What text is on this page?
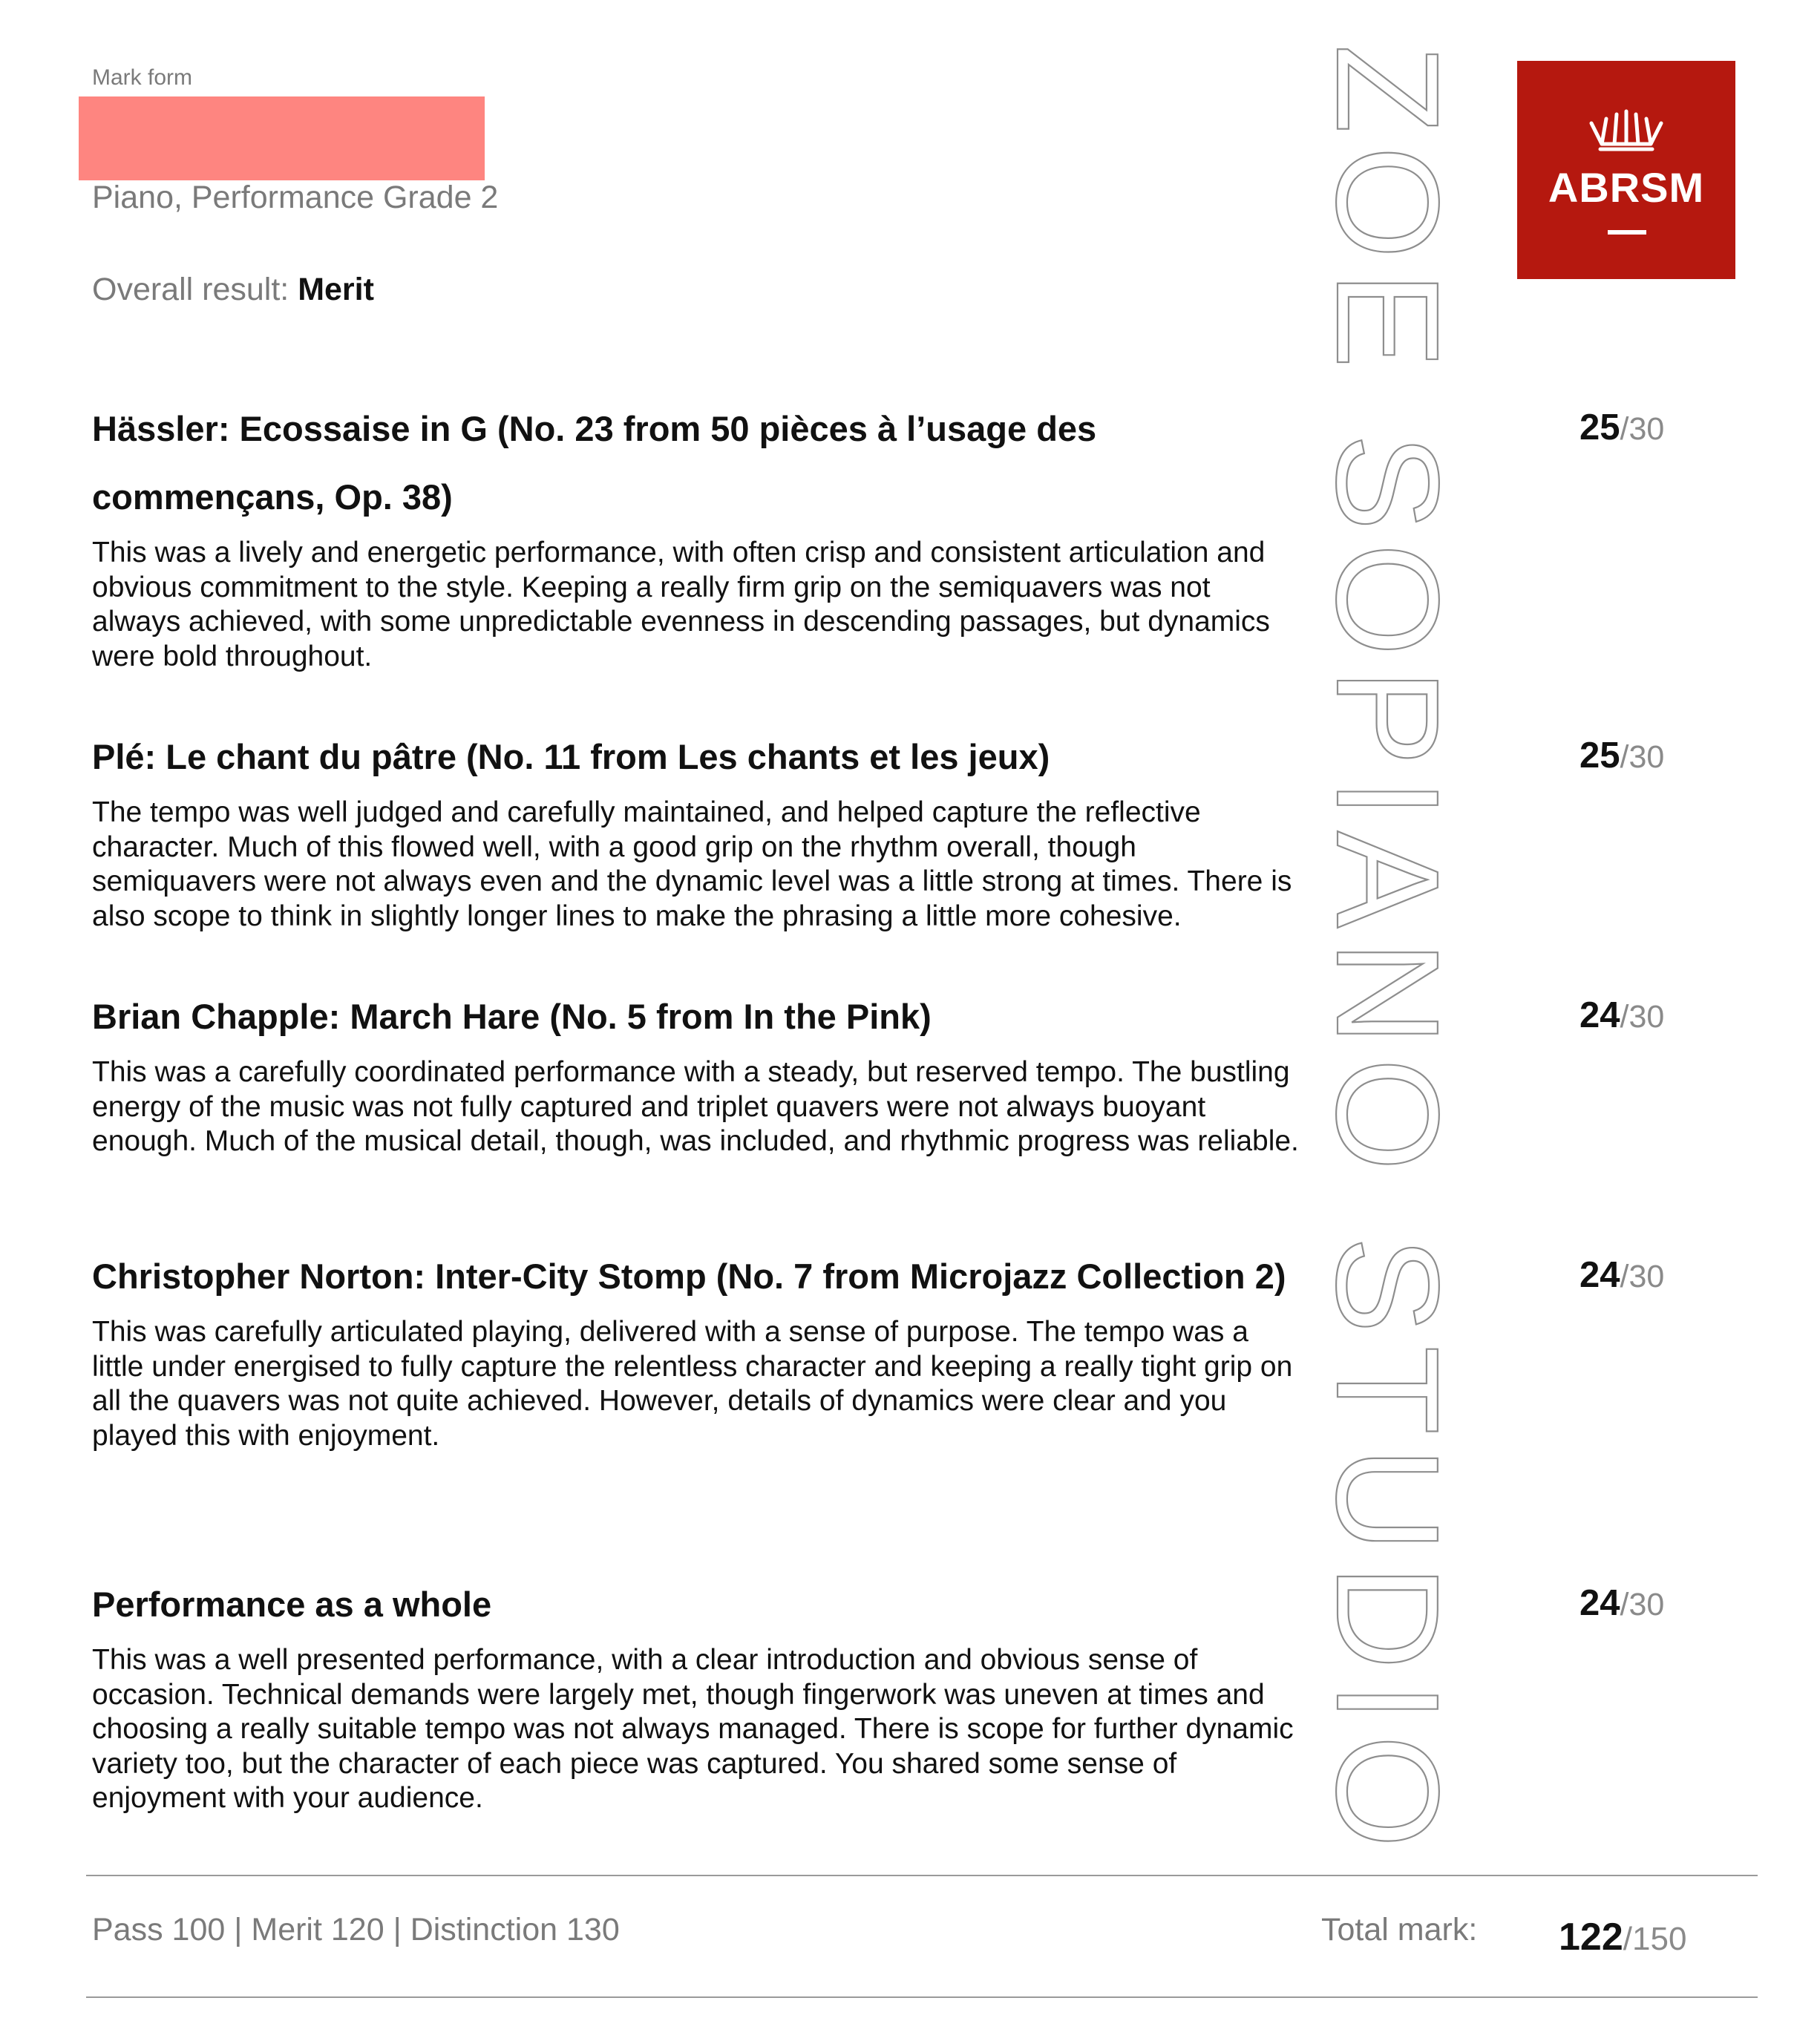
Mark form
Piano, Performance Grade 2
Overall result: Merit
ABRSM
ZOE SOPIANO STUDIO
Hässler: Ecossaise in G (No. 23 from 50 pièces à l’usage des commençans, Op. 38)

This was a lively and energetic performance, with often crisp and consistent articulation and obvious commitment to the style. Keeping a really firm grip on the semiquavers was not always achieved, with some unpredictable evenness in descending passages, but dynamics were bold throughout.

25/30
Plé: Le chant du pâtre (No. 11 from Les chants et les jeux)

The tempo was well judged and carefully maintained, and helped capture the reflective character. Much of this flowed well, with a good grip on the rhythm overall, though semiquavers were not always even and the dynamic level was a little strong at times. There is also scope to think in slightly longer lines to make the phrasing a little more cohesive.

25/30
Brian Chapple: March Hare (No. 5 from In the Pink)

This was a carefully coordinated performance with a steady, but reserved tempo. The bustling energy of the music was not fully captured and triplet quavers were not always buoyant enough. Much of the musical detail, though, was included, and rhythmic progress was reliable.

24/30
Christopher Norton: Inter-City Stomp (No. 7 from Microjazz Collection 2)

This was carefully articulated playing, delivered with a sense of purpose. The tempo was a little under energised to fully capture the relentless character and keeping a really tight grip on all the quavers was not quite achieved. However, details of dynamics were clear and you played this with enjoyment.

24/30
Performance as a whole

This was a well presented performance, with a clear introduction and obvious sense of occasion. Technical demands were largely met, though fingerwork was uneven at times and choosing a really suitable tempo was not always managed. There is scope for further dynamic variety too, but the character of each piece was captured. You shared some sense of enjoyment with your audience.

24/30
Pass 100 | Merit 120 | Distinction 130	Total mark: 122/150
